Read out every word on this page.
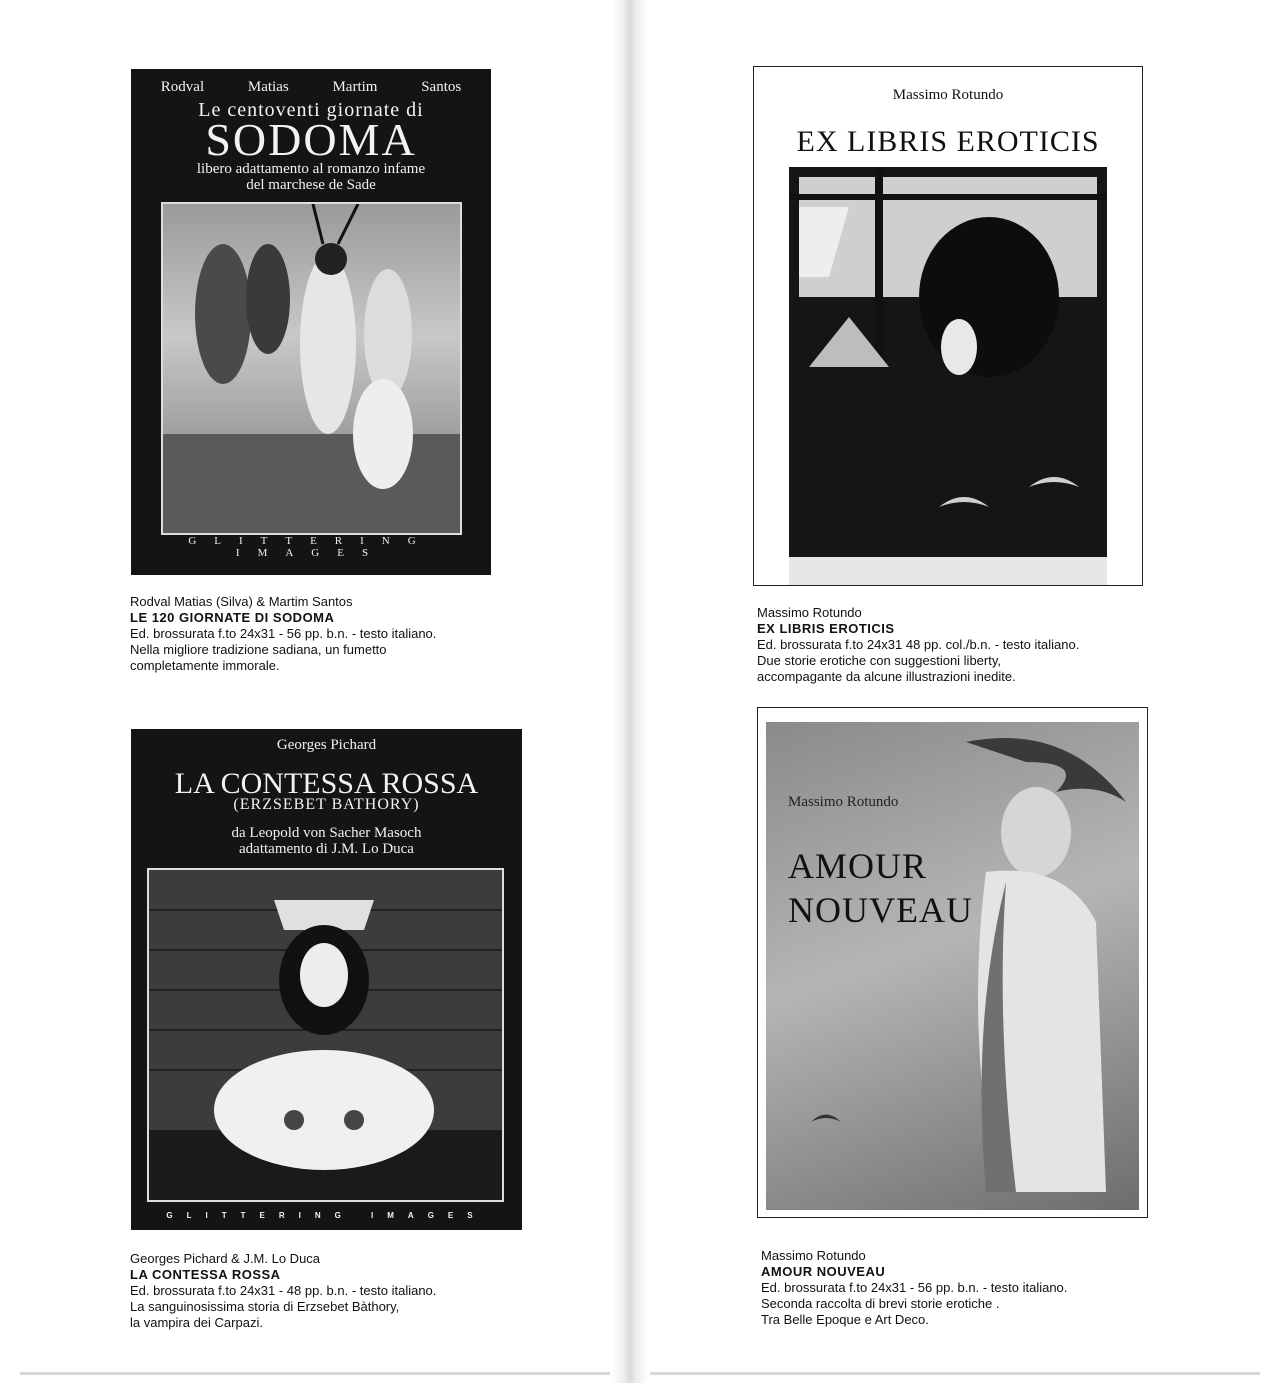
Rodval Matias Martim Santos
Le centoventi giornate di
SODOMA
libero adattamento al romanzo infame
del marchese de Sade
GLITTERING IMAGES
Rodval Matias (Silva) & Martim Santos
LE 120 GIORNATE DI SODOMA
Ed. brossurata f.to 24x31 - 56 pp. b.n. - testo italiano.
Nella migliore tradizione sadiana, un fumetto
completamente immorale.
Massimo Rotundo
EX LIBRIS EROTICIS
Massimo Rotundo
EX LIBRIS EROTICIS
Ed. brossurata f.to 24x31 48 pp. col./b.n. - testo italiano.
Due storie erotiche con suggestioni liberty,
accompagante da alcune illustrazioni inedite.
Georges Pichard
LA CONTESSA ROSSA
(ERZSEBET BATHORY)
da Leopold von Sacher Masoch
adattamento di J.M. Lo Duca
GLITTERING IMAGES
Georges Pichard & J.M. Lo Duca
LA CONTESSA ROSSA
Ed. brossurata f.to 24x31 - 48 pp. b.n. - testo italiano.
La sanguinosissima storia di Erzsebet Bàthory,
la vampira dei Carpazi.
Massimo Rotundo
AMOUR
NOUVEAU
Massimo Rotundo
AMOUR NOUVEAU
Ed. brossurata f.to 24x31 - 56 pp. b.n. - testo italiano.
Seconda raccolta di brevi storie erotiche .
Tra Belle Epoque e Art Deco.
